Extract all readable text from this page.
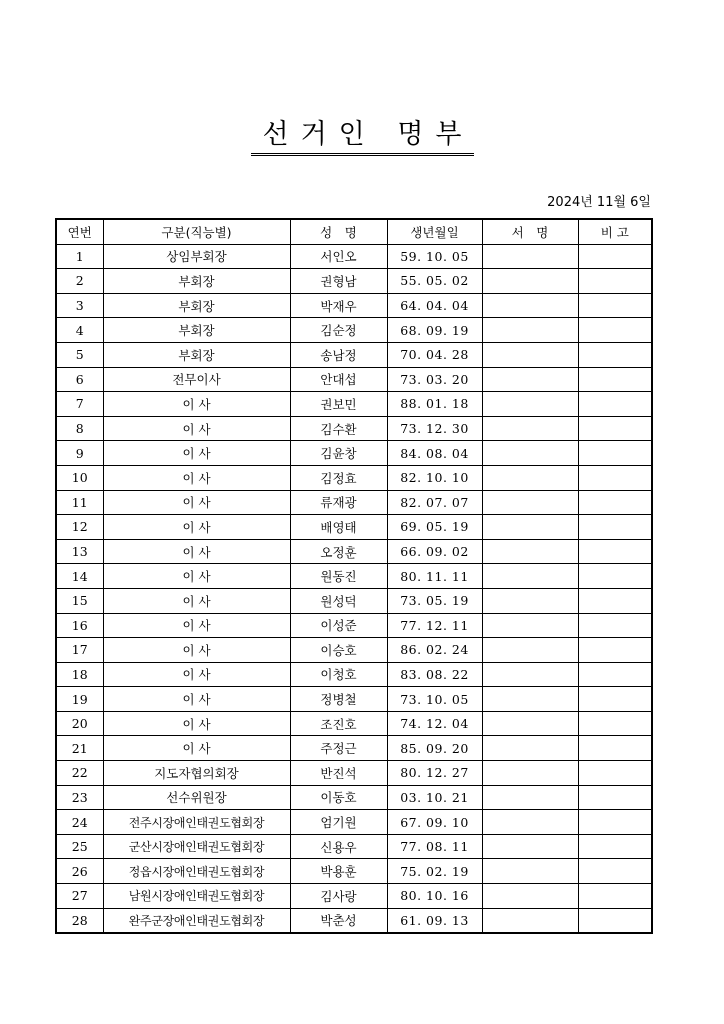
선거인 명부
2024년 11월 6일
연번	구분(직능별)	성　명	생년월일	서　명	비 고
1	상임부회장	서인오	59. 10. 05		
2	부회장	권형남	55. 05. 02		
3	부회장	박재우	64. 04. 04		
4	부회장	김순정	68. 09. 19		
5	부회장	송남정	70. 04. 28		
6	전무이사	안대섭	73. 03. 20		
7	이 사	권보민	88. 01. 18		
8	이 사	김수환	73. 12. 30		
9	이 사	김윤창	84. 08. 04		
10	이 사	김정효	82. 10. 10		
11	이 사	류재광	82. 07. 07		
12	이 사	배영태	69. 05. 19		
13	이 사	오정훈	66. 09. 02		
14	이 사	원동진	80. 11. 11		
15	이 사	원성덕	73. 05. 19		
16	이 사	이성준	77. 12. 11		
17	이 사	이승호	86. 02. 24		
18	이 사	이청호	83. 08. 22		
19	이 사	정병철	73. 10. 05		
20	이 사	조진호	74. 12. 04		
21	이 사	주정근	85. 09. 20		
22	지도자협의회장	반진석	80. 12. 27		
23	선수위원장	이동호	03. 10. 21		
24	전주시장애인태권도협회장	엄기원	67. 09. 10		
25	군산시장애인태권도협회장	신용우	77. 08. 11		
26	정읍시장애인태권도협회장	박용훈	75. 02. 19		
27	남원시장애인태권도협회장	김사랑	80. 10. 16		
28	완주군장애인태권도협회장	박춘성	61. 09. 13		
